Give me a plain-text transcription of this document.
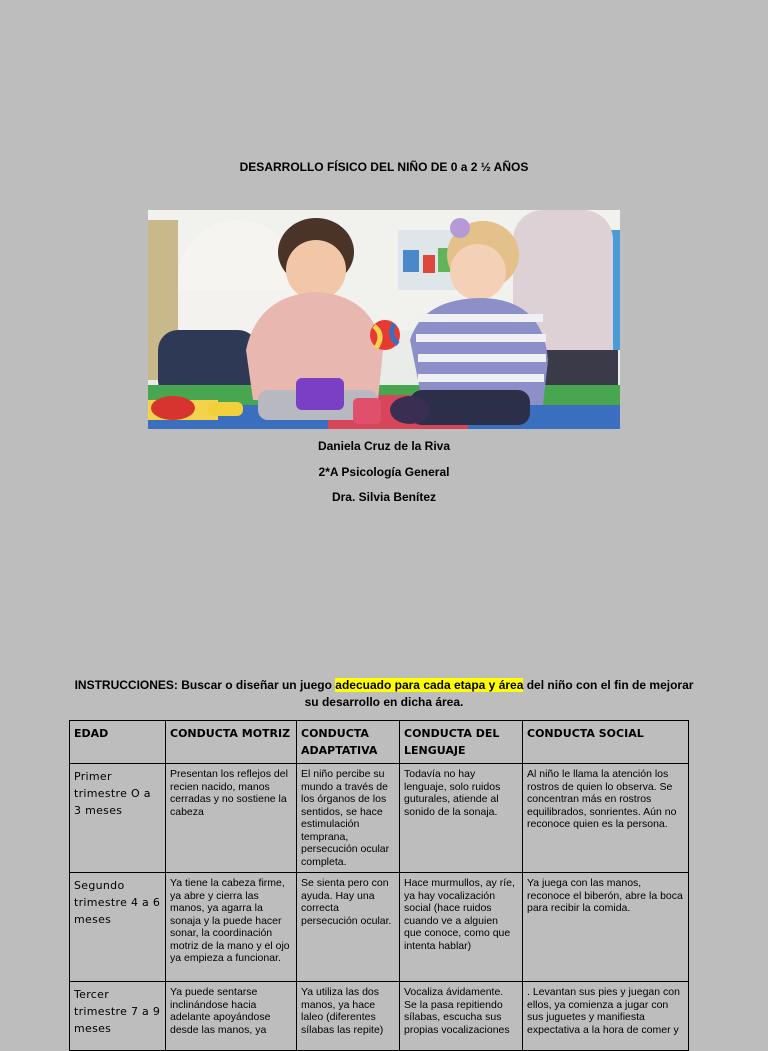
DESARROLLO FÍSICO DEL NIÑO DE 0 a 2 ½ AÑOS
Daniela Cruz de la Riva
2*A Psicología General
Dra. Silvia Benítez
INSTRUCCIONES: Buscar o diseñar un juego adecuado para cada etapa y área del niño con el fin de mejorar su desarrollo en dicha área.
EDAD	CONDUCTA MOTRIZ	CONDUCTA ADAPTATIVA	CONDUCTA DEL LENGUAJE	CONDUCTA SOCIAL
Primer trimestre O a 3 meses	Presentan los reflejos del recien nacido, manos cerradas y no sostiene la cabeza	El niño percibe su mundo a través de los órganos de los sentidos, se hace estimulación temprana, persecución ocular completa.	Todavía no hay lenguaje, solo ruidos guturales, atiende al sonido de la sonaja.	Al niño le llama la atención los rostros de quien lo observa. Se concentran más en rostros equilibrados, sonrientes. Aún no reconoce quien es la persona.
Segundo trimestre 4 a 6 meses	Ya tiene la cabeza firme, ya abre y cierra las manos, ya agarra la sonaja y la puede hacer sonar, la coordinación motriz de la mano y el ojo ya empieza a funcionar.	Se sienta pero con ayuda. Hay una correcta persecución ocular.	Hace murmullos, ay ríe, ya hay vocalización social (hace ruidos cuando ve a alguien que conoce, como que intenta hablar)	Ya juega con las manos, reconoce el biberón, abre la boca para recibir la comida.
Tercer trimestre 7 a 9 meses	Ya puede sentarse inclinándose hacia adelante apoyándose desde las manos, ya	Ya utiliza las dos manos, ya hace laleo (diferentes sílabas las repite)	Vocaliza ávidamente. Se la pasa repitiendo sílabas, escucha sus propias vocalizaciones	. Levantan sus pies y juegan con ellos, ya comienza a jugar con sus juguetes y manifiesta expectativa a la hora de comer y
